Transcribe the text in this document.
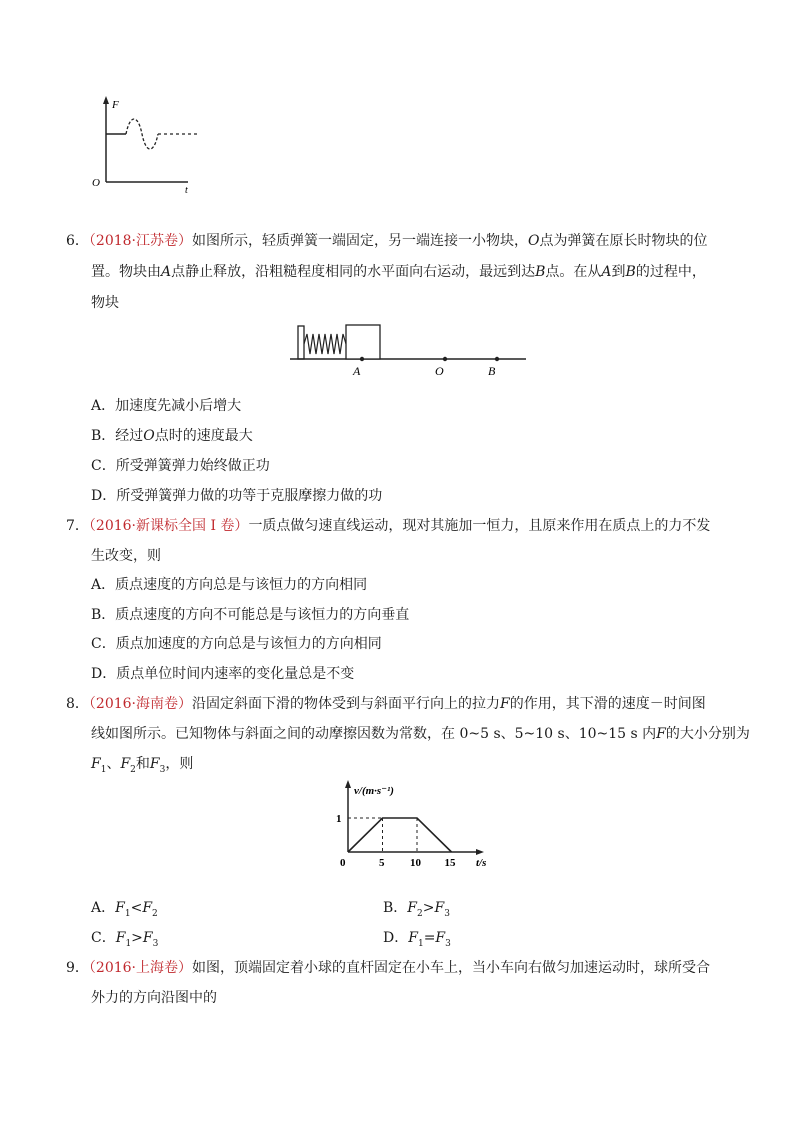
F
O
t
6．（2018·江苏卷）如图所示，轻质弹簧一端固定，另一端连接一小物块，O点为弹簧在原长时物块的位
置。物块由A点静止释放，沿粗糙程度相同的水平面向右运动，最远到达B点。在从A到B的过程中，
物块
A	O	B
A．加速度先减小后增大
B．经过O点时的速度最大
C．所受弹簧弹力始终做正功
D．所受弹簧弹力做的功等于克服摩擦力做的功
7．（2016·新课标全国 I 卷）一质点做匀速直线运动，现对其施加一恒力，且原来作用在质点上的力不发
生改变，则
A．质点速度的方向总是与该恒力的方向相同
B．质点速度的方向不可能总是与该恒力的方向垂直
C．质点加速度的方向总是与该恒力的方向相同
D．质点单位时间内速率的变化量总是不变
8．（2016·海南卷）沿固定斜面下滑的物体受到与斜面平行向上的拉力F的作用，其下滑的速度－时间图
线如图所示。已知物体与斜面之间的动摩擦因数为常数，在 0~5 s、5~10 s、10~15 s 内F的大小分别为
$F_1$、$F_2$和$F_3$，则
0	5 10 15
1
v/(m·s⁻¹)
t/s
A．$F_1<F_2$	B．$F_2>F_3$
C．$F_1>F_3$	D．$F_1=F_3$
9．（2016·上海卷）如图，顶端固定着小球的直杆固定在小车上，当小车向右做匀加速运动时，球所受合
外力的方向沿图中的
